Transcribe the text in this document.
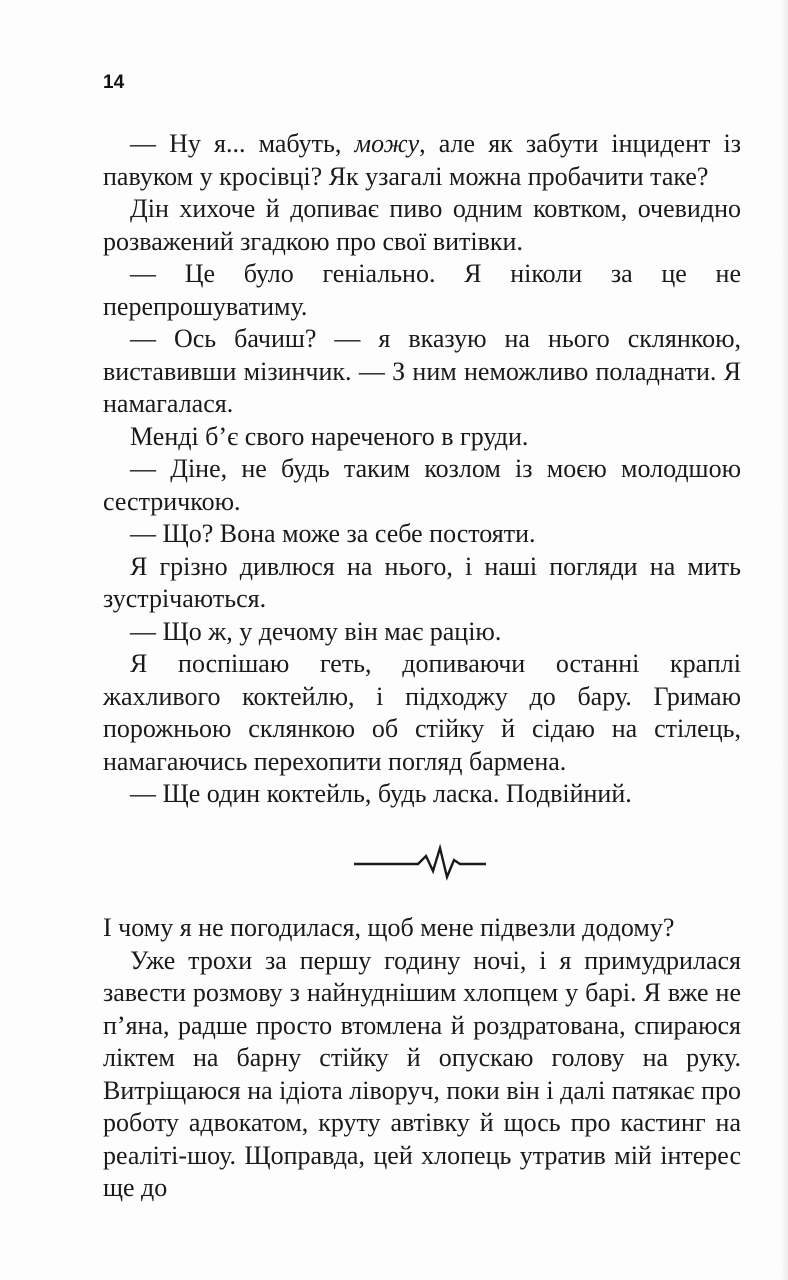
14

— Ну я... мабуть, можу, але як забути інцидент із павуком у кросівці? Як узагалі можна пробачити таке?

Дін хихоче й допиває пиво одним ковтком, очевидно розважений згадкою про свої витівки.

— Це було геніально. Я ніколи за це не перепрошуватиму.

— Ось бачиш? — я вказую на нього склянкою, виставивши мізинчик. — З ним неможливо поладнати. Я намагалася.

Менді б’є свого нареченого в груди.

— Діне, не будь таким козлом із моєю молодшою сестричкою.

— Що? Вона може за себе постояти.

Я грізно дивлюся на нього, і наші погляди на мить зустрічаються.

— Що ж, у дечому він має рацію.

Я поспішаю геть, допиваючи останні краплі жахливого коктейлю, і підходжу до бару. Гримаю порожньою склянкою об стійку й сідаю на стілець, намагаючись перехопити погляд бармена.

— Ще один коктейль, будь ласка. Подвійний.

І чому я не погодилася, щоб мене підвезли додому?

Уже трохи за першу годину ночі, і я примудрилася завести розмову з найнуднішим хлопцем у барі. Я вже не п’яна, радше просто втомлена й роздратована, спираюся ліктем на барну стійку й опускаю голову на руку. Витріщаюся на ідіота ліворуч, поки він і далі патякає про роботу адвокатом, круту автівку й щось про кастинг на реаліті-шоу. Щоправда, цей хлопець утратив мій інтерес ще до
